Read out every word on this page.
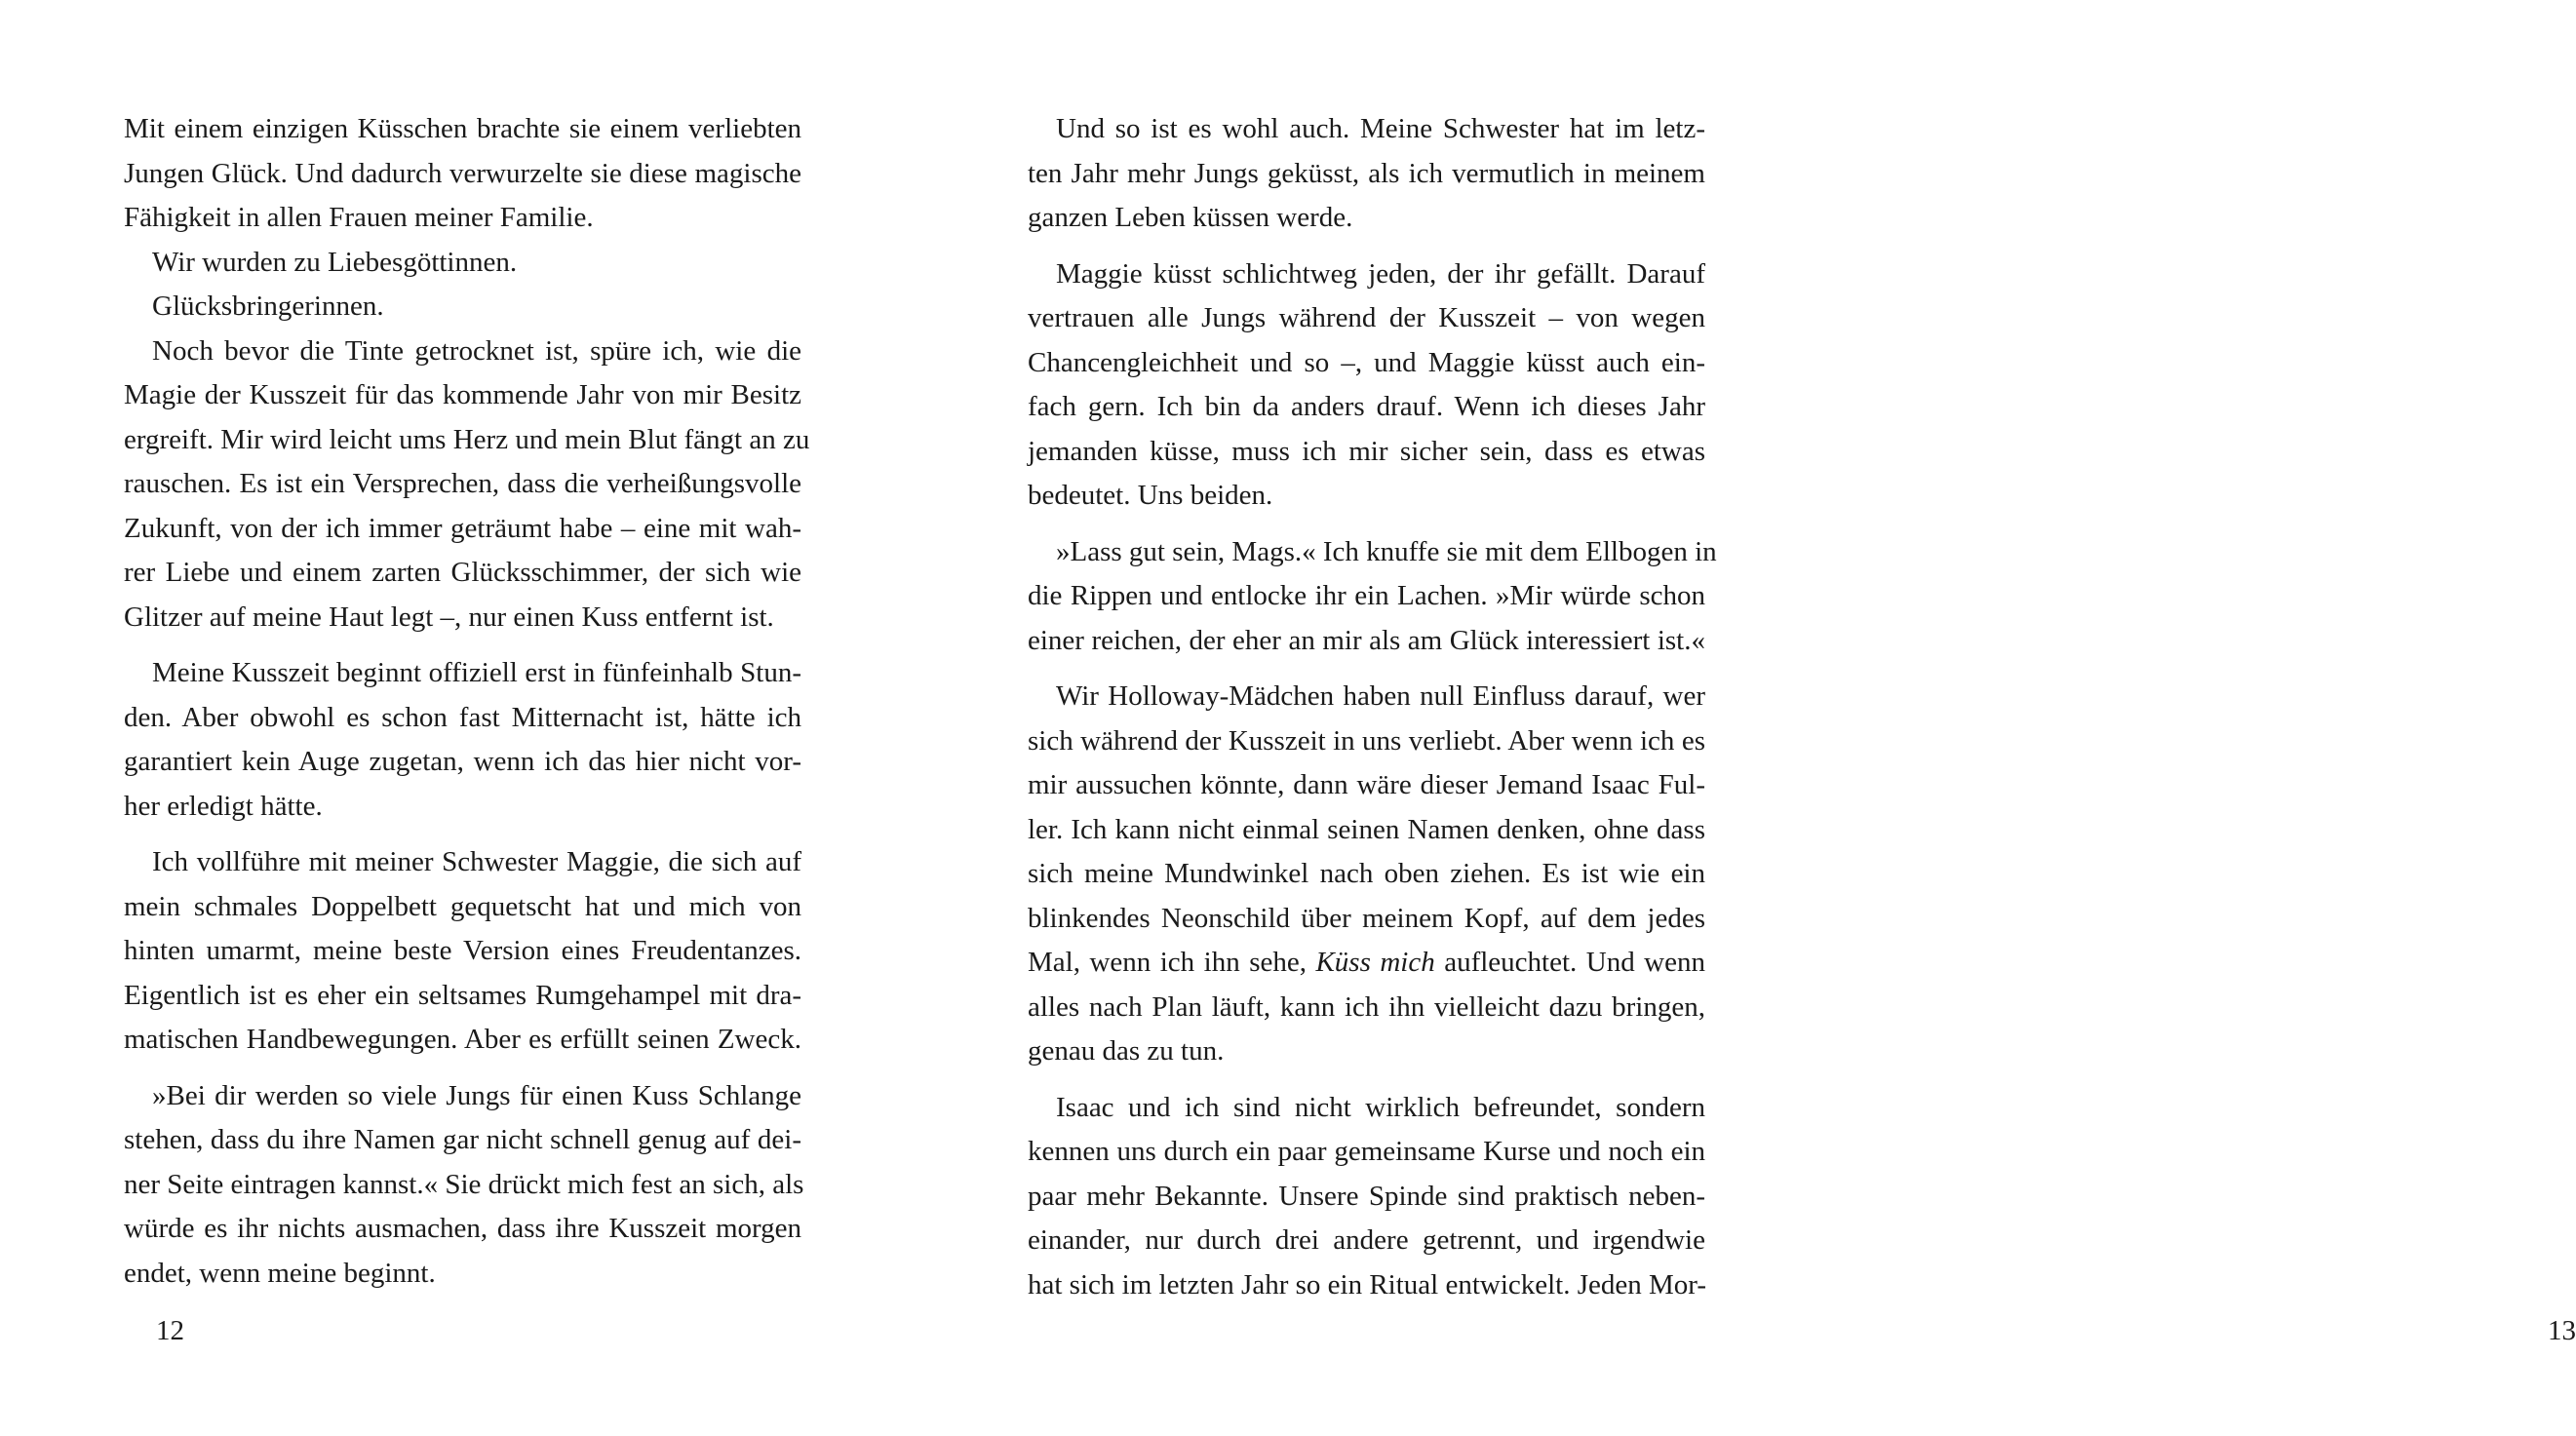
Mit einem einzigen Küsschen brachte sie einem verliebten
Jungen Glück. Und dadurch verwurzelte sie diese magische
Fähigkeit in allen Frauen meiner Familie.
Wir wurden zu Liebesgöttinnen.
Glücksbringerinnen.
Noch bevor die Tinte getrocknet ist, spüre ich, wie die
Magie der Kusszeit für das kommende Jahr von mir Besitz
ergreift. Mir wird leicht ums Herz und mein Blut fängt an zu
rauschen. Es ist ein Versprechen, dass die verheißungsvolle
Zukunft, von der ich immer geträumt habe – eine mit wah-
rer Liebe und einem zarten Glücksschimmer, der sich wie
Glitzer auf meine Haut legt –, nur einen Kuss entfernt ist.
Meine Kusszeit beginnt offiziell erst in fünfeinhalb Stun-
den. Aber obwohl es schon fast Mitternacht ist, hätte ich
garantiert kein Auge zugetan, wenn ich das hier nicht vor-
her erledigt hätte.
Ich vollführe mit meiner Schwester Maggie, die sich auf
mein schmales Doppelbett gequetscht hat und mich von
hinten umarmt, meine beste Version eines Freudentanzes.
Eigentlich ist es eher ein seltsames Rumgehampel mit dra-
matischen Handbewegungen. Aber es erfüllt seinen Zweck.
»Bei dir werden so viele Jungs für einen Kuss Schlange
stehen, dass du ihre Namen gar nicht schnell genug auf dei-
ner Seite eintragen kannst.« Sie drückt mich fest an sich, als
würde es ihr nichts ausmachen, dass ihre Kusszeit morgen
endet, wenn meine beginnt.
12
Und so ist es wohl auch. Meine Schwester hat im letz-
ten Jahr mehr Jungs geküsst, als ich vermutlich in meinem
ganzen Leben küssen werde.
Maggie küsst schlichtweg jeden, der ihr gefällt. Darauf
vertrauen alle Jungs während der Kusszeit – von wegen
Chancengleichheit und so –, und Maggie küsst auch ein-
fach gern. Ich bin da anders drauf. Wenn ich dieses Jahr
jemanden küsse, muss ich mir sicher sein, dass es etwas
bedeutet. Uns beiden.
»Lass gut sein, Mags.« Ich knuffe sie mit dem Ellbogen in
die Rippen und entlocke ihr ein Lachen. »Mir würde schon
einer reichen, der eher an mir als am Glück interessiert ist.«
Wir Holloway-Mädchen haben null Einfluss darauf, wer
sich während der Kusszeit in uns verliebt. Aber wenn ich es
mir aussuchen könnte, dann wäre dieser Jemand Isaac Ful-
ler. Ich kann nicht einmal seinen Namen denken, ohne dass
sich meine Mundwinkel nach oben ziehen. Es ist wie ein
blinkendes Neonschild über meinem Kopf, auf dem jedes
Mal, wenn ich ihn sehe, Küss mich aufleuchtet. Und wenn
alles nach Plan läuft, kann ich ihn vielleicht dazu bringen,
genau das zu tun.
Isaac und ich sind nicht wirklich befreundet, sondern
kennen uns durch ein paar gemeinsame Kurse und noch ein
paar mehr Bekannte. Unsere Spinde sind praktisch neben-
einander, nur durch drei andere getrennt, und irgendwie
hat sich im letzten Jahr so ein Ritual entwickelt. Jeden Mor-
13
